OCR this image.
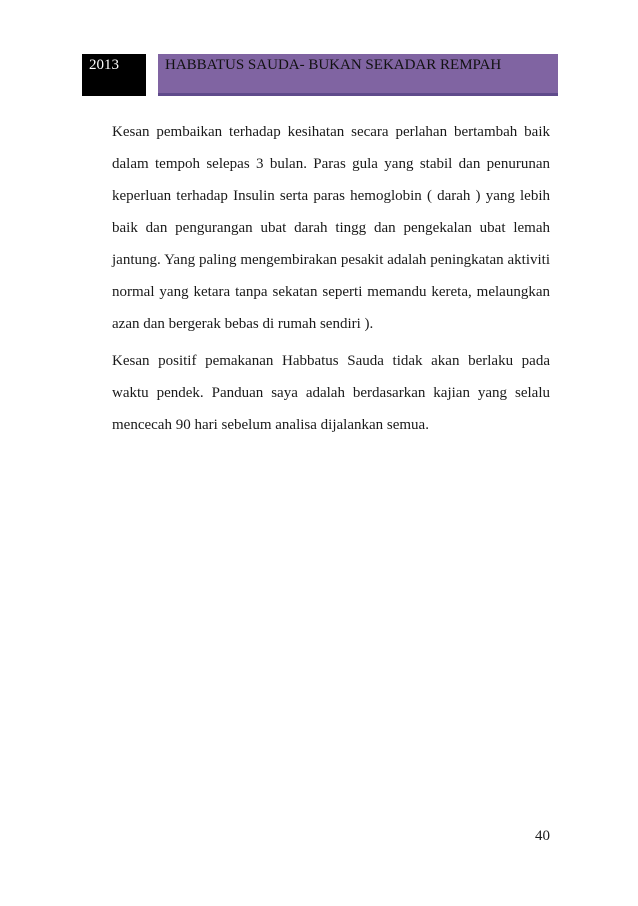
2013	HABBATUS SAUDA- BUKAN SEKADAR REMPAH

Kesan pembaikan terhadap kesihatan secara perlahan bertambah baik dalam tempoh selepas 3 bulan. Paras gula yang stabil dan penurunan keperluan terhadap Insulin serta paras hemoglobin ( darah ) yang lebih baik dan pengurangan ubat darah tingg dan pengekalan ubat lemah jantung. Yang paling mengembirakan pesakit adalah peningkatan aktiviti normal yang ketara tanpa sekatan seperti memandu kereta, melaungkan azan dan bergerak bebas di rumah sendiri ).

Kesan positif pemakanan Habbatus Sauda tidak akan berlaku pada waktu pendek. Panduan saya adalah berdasarkan kajian yang selalu mencecah 90 hari sebelum analisa dijalankan semua.

40
